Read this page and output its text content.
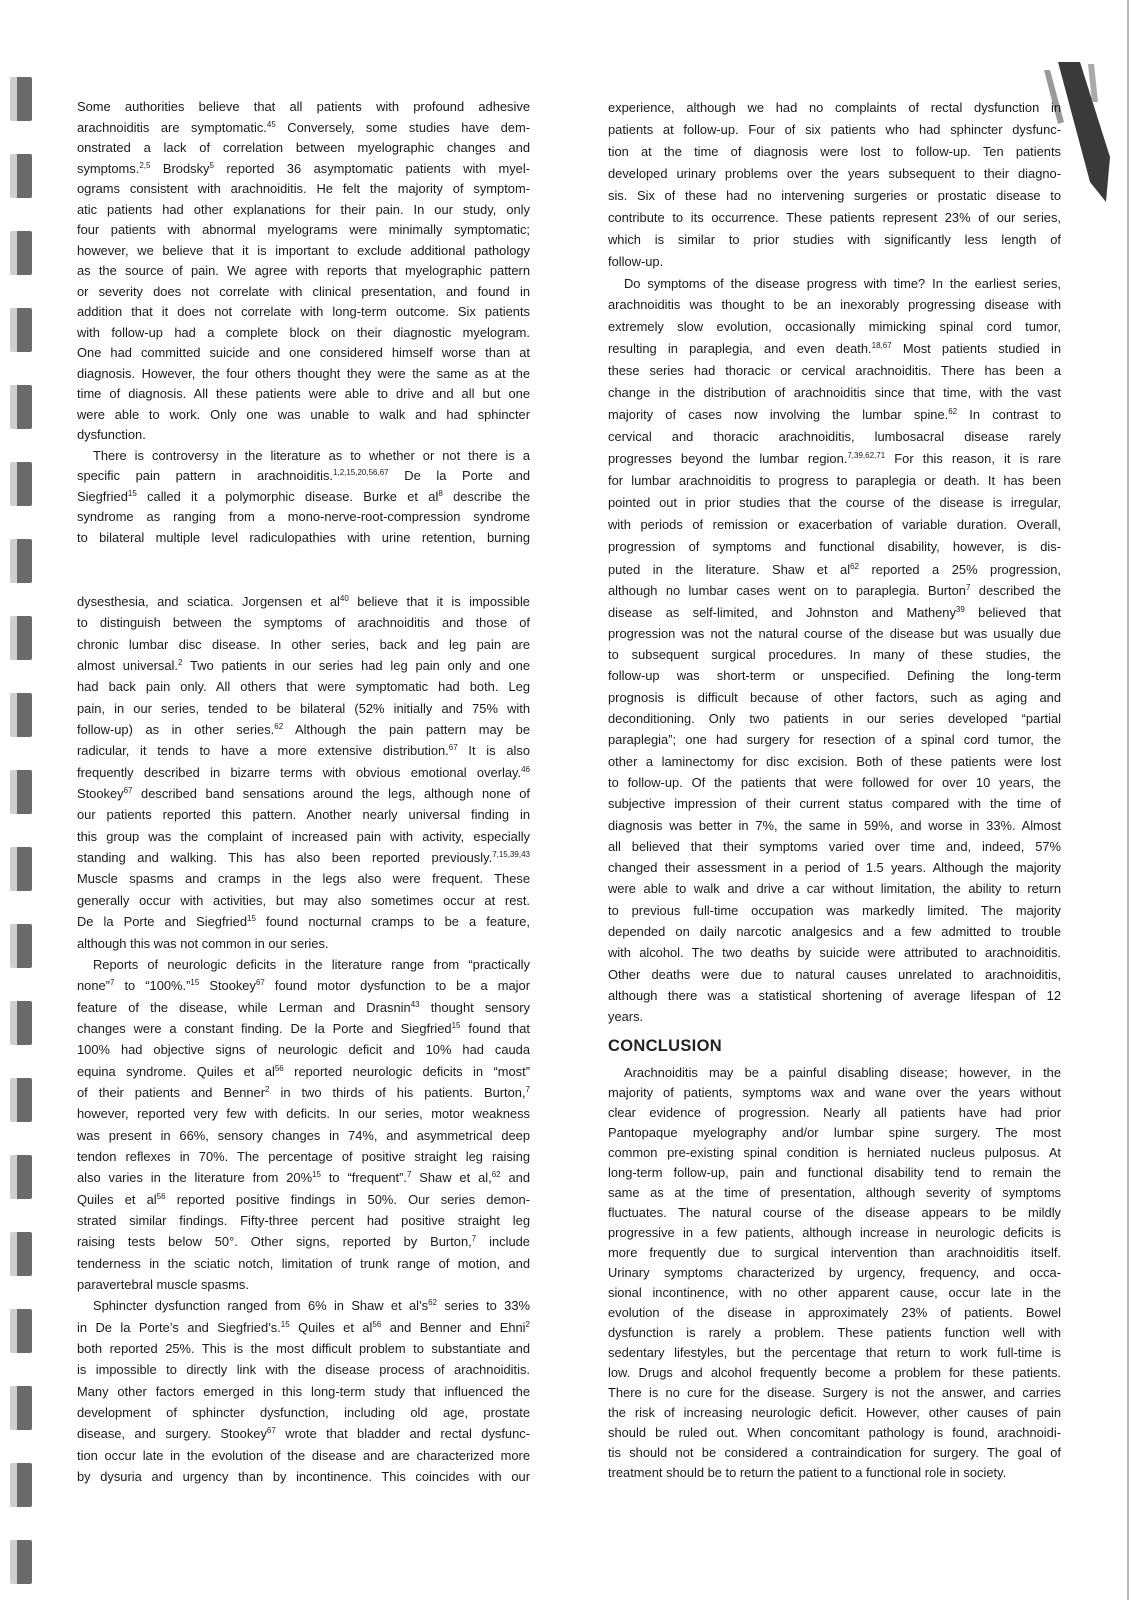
Some authorities believe that all patients with profound adhesive
arachnoiditis are symptomatic.$^{45}$ Conversely, some studies have dem-
onstrated a lack of correlation between myelographic changes and
symptoms.$^{2,5}$ Brodsky$^5$ reported 36 asymptomatic patients with myel-
ograms consistent with arachnoiditis. He felt the majority of symptom-
atic patients had other explanations for their pain. In our study, only
four patients with abnormal myelograms were minimally symptomatic;
however, we believe that it is important to exclude additional pathology
as the source of pain. We agree with reports that myelographic pattern
or severity does not correlate with clinical presentation, and found in
addition that it does not correlate with long-term outcome. Six patients
with follow-up had a complete block on their diagnostic myelogram.
One had committed suicide and one considered himself worse than at
diagnosis. However, the four others thought they were the same as at the
time of diagnosis. All these patients were able to drive and all but one
were able to work. Only one was unable to walk and had sphincter
dysfunction.
There is controversy in the literature as to whether or not there is a
specific pain pattern in arachnoiditis.$^{1,2,15,20,56,67}$ De la Porte and
Siegfried$^{15}$ called it a polymorphic disease. Burke et $al^8$ describe the
syndrome as ranging from a mono-nerve-root-compression syndrome
to bilateral multiple level radiculopathies with urine retention, burning
dysesthesia, and sciatica. Jorgensen et $al^{40}$ believe that it is impossible
to distinguish between the symptoms of arachnoiditis and those of
chronic lumbar disc disease. In other series, back and leg pain are
almost universal.$^2$ Two patients in our series had leg pain only and one
had back pain only. All others that were symptomatic had both. Leg
pain, in our series, tended to be bilateral (52% initially and 75% with
follow-up) as in other series.$^{62}$ Although the pain pattern may be
radicular, it tends to have a more extensive distribution.$^{67}$ It is also
frequently described in bizarre terms with obvious emotional overlay.$^{46}$
Stookey$^{67}$ described band sensations around the legs, although none of
our patients reported this pattern. Another nearly universal finding in
this group was the complaint of increased pain with activity, especially
standing and walking. This has also been reported previously.$^{7,15,39,43}$
Muscle spasms and cramps in the legs also were frequent. These
generally occur with activities, but may also sometimes occur at rest.
De la Porte and Siegfried$^{15}$ found nocturnal cramps to be a feature,
although this was not common in our series.
Reports of neurologic deficits in the literature range from “practically
none”$^7$ to “100%.”$^{15}$ Stookey$^{67}$ found motor dysfunction to be a major
feature of the disease, while Lerman and Drasnin$^{43}$ thought sensory
changes were a constant finding. De la Porte and Siegfried$^{15}$ found that
100% had objective signs of neurologic deficit and 10% had cauda
equina syndrome. Quiles et $al^{56}$ reported neurologic deficits in “most”
of their patients and Benner$^2$ in two thirds of his patients. Burton,$^7$
however, reported very few with deficits. In our series, motor weakness
was present in 66%, sensory changes in 74%, and asymmetrical deep
tendon reflexes in 70%. The percentage of positive straight leg raising
also varies in the literature from 20%$^{15}$ to “frequent”.$^7$ Shaw et al,$^{62}$ and
Quiles et $al^{56}$ reported positive findings in 50%. Our series demon-
strated similar findings. Fifty-three percent had positive straight leg
raising tests below 50°. Other signs, reported by Burton,$^7$ include
tenderness in the sciatic notch, limitation of trunk range of motion, and
paravertebral muscle spasms.
Sphincter dysfunction ranged from 6% in Shaw et $al’s^{62}$ series to 33%
in De la Porte’s and Siegfried’s.$^{15}$ Quiles et $al^{56}$ and Benner and Ehni$^2$
both reported 25%. This is the most difficult problem to substantiate and
is impossible to directly link with the disease process of arachnoiditis.
Many other factors emerged in this long-term study that influenced the
development of sphincter dysfunction, including old age, prostate
disease, and surgery. Stookey$^{67}$ wrote that bladder and rectal dysfunc-
tion occur late in the evolution of the disease and are characterized more
by dysuria and urgency than by incontinence. This coincides with our
experience, although we had no complaints of rectal dysfunction in
patients at follow-up. Four of six patients who had sphincter dysfunc-
tion at the time of diagnosis were lost to follow-up. Ten patients
developed urinary problems over the years subsequent to their diagno-
sis. Six of these had no intervening surgeries or prostatic disease to
contribute to its occurrence. These patients represent 23% of our series,
which is similar to prior studies with significantly less length of
follow-up.
Do symptoms of the disease progress with time? In the earliest series,
arachnoiditis was thought to be an inexorably progressing disease with
extremely slow evolution, occasionally mimicking spinal cord tumor,
resulting in paraplegia, and even death.$^{18,67}$ Most patients studied in
these series had thoracic or cervical arachnoiditis. There has been a
change in the distribution of arachnoiditis since that time, with the vast
majority of cases now involving the lumbar spine.$^{62}$ In contrast to
cervical and thoracic arachnoiditis, lumbosacral disease rarely
progresses beyond the lumbar region.$^{7,39,62,71}$ For this reason, it is rare
for lumbar arachnoiditis to progress to paraplegia or death. It has been
pointed out in prior studies that the course of the disease is irregular,
with periods of remission or exacerbation of variable duration. Overall,
progression of symptoms and functional disability, however, is dis-
puted in the literature. Shaw et $al^{62}$ reported a 25% progression,
although no lumbar cases went on to paraplegia. Burton$^7$ described the
disease as self-limited, and Johnston and Matheny$^{39}$ believed that
progression was not the natural course of the disease but was usually due
to subsequent surgical procedures. In many of these studies, the
follow-up was short-term or unspecified. Defining the long-term
prognosis is difficult because of other factors, such as aging and
deconditioning. Only two patients in our series developed “partial
paraplegia”; one had surgery for resection of a spinal cord tumor, the
other a laminectomy for disc excision. Both of these patients were lost
to follow-up. Of the patients that were followed for over 10 years, the
subjective impression of their current status compared with the time of
diagnosis was better in 7%, the same in 59%, and worse in 33%. Almost
all believed that their symptoms varied over time and, indeed, 57%
changed their assessment in a period of 1.5 years. Although the majority
were able to walk and drive a car without limitation, the ability to return
to previous full-time occupation was markedly limited. The majority
depended on daily narcotic analgesics and a few admitted to trouble
with alcohol. The two deaths by suicide were attributed to arachnoiditis.
Other deaths were due to natural causes unrelated to arachnoiditis,
although there was a statistical shortening of average lifespan of 12
years.
CONCLUSION
Arachnoiditis may be a painful disabling disease; however, in the
majority of patients, symptoms wax and wane over the years without
clear evidence of progression. Nearly all patients have had prior
Pantopaque myelography and/or lumbar spine surgery. The most
common pre-existing spinal condition is herniated nucleus pulposus. At
long-term follow-up, pain and functional disability tend to remain the
same as at the time of presentation, although severity of symptoms
fluctuates. The natural course of the disease appears to be mildly
progressive in a few patients, although increase in neurologic deficits is
more frequently due to surgical intervention than arachnoiditis itself.
Urinary symptoms characterized by urgency, frequency, and occa-
sional incontinence, with no other apparent cause, occur late in the
evolution of the disease in approximately 23% of patients. Bowel
dysfunction is rarely a problem. These patients function well with
sedentary lifestyles, but the percentage that return to work full-time is
low. Drugs and alcohol frequently become a problem for these patients.
There is no cure for the disease. Surgery is not the answer, and carries
the risk of increasing neurologic deficit. However, other causes of pain
should be ruled out. When concomitant pathology is found, arachnoidi-
tis should not be considered a contraindication for surgery. The goal of
treatment should be to return the patient to a functional role in society.
